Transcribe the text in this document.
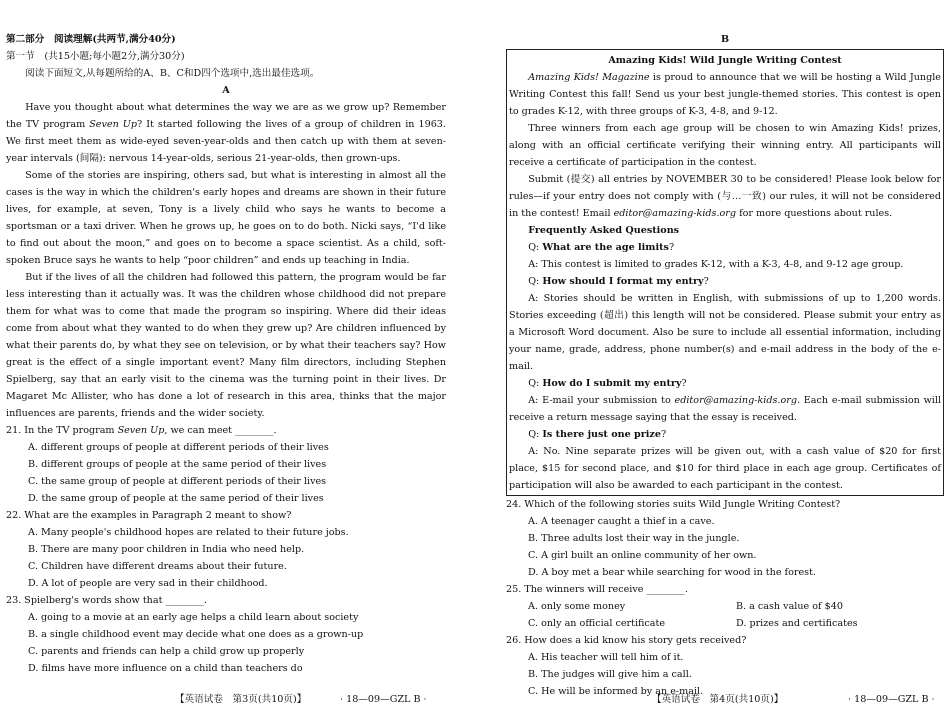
第二部分　阅读理解(共两节,满分40分)

第一节　(共15小题;每小题2分,满分30分)

阅读下面短文,从每题所给的A、B、C和D四个选项中,选出最佳选项。

A

Have you thought about what determines the way we are as we grow up? Remember the TV program Seven Up? It started following the lives of a group of children in 1963. We first meet them as wide-eyed seven-year-olds and then catch up with them at seven-year intervals (间隔): nervous 14-year-olds, serious 21-year-olds, then grown-ups.

Some of the stories are inspiring, others sad, but what is interesting in almost all the cases is the way in which the children's early hopes and dreams are shown in their future lives, for example, at seven, Tony is a lively child who says he wants to become a sportsman or a taxi driver. When he grows up, he goes on to do both. Nicki says, “I'd like to find out about the moon,” and goes on to become a space scientist. As a child, soft-spoken Bruce says he wants to help “poor children” and ends up teaching in India.

But if the lives of all the children had followed this pattern, the program would be far less interesting than it actually was. It was the children whose childhood did not prepare them for what was to come that made the program so inspiring. Where did their ideas come from about what they wanted to do when they grew up? Are children influenced by what their parents do, by what they see on television, or by what their teachers say? How great is the effect of a single important event? Many film directors, including Stephen Spielberg, say that an early visit to the cinema was the turning point in their lives. Dr Magaret Mc Allister, who has done a lot of research in this area, thinks that the major influences are parents, friends and the wider society.

21. In the TV program Seven Up, we can meet ________.

A. different groups of people at different periods of their lives

B. different groups of people at the same period of their lives

C. the same group of people at different periods of their lives

D. the same group of people at the same period of their lives

22. What are the examples in Paragraph 2 meant to show?

A. Many people's childhood hopes are related to their future jobs.

B. There are many poor children in India who need help.

C. Children have different dreams about their future.

D. A lot of people are very sad in their childhood.

23. Spielberg's words show that ________.

A. going to a movie at an early age helps a child learn about society

B. a single childhood event may decide what one does as a grown-up

C. parents and friends can help a child grow up properly

D. films have more influence on a child than teachers do

B

Amazing Kids! Wild Jungle Writing Contest

Amazing Kids! Magazine is proud to announce that we will be hosting a Wild Jungle Writing Contest this fall! Send us your best jungle-themed stories. This contest is open to grades K-12, with three groups of K-3, 4-8, and 9-12.

Three winners from each age group will be chosen to win Amazing Kids! prizes, along with an official certificate verifying their winning entry. All participants will receive a certificate of participation in the contest.

Submit (提交) all entries by NOVEMBER 30 to be considered! Please look below for rules—if your entry does not comply with (与…一致) our rules, it will not be considered in the contest! Email editor@amazing-kids.org for more questions about rules.

Frequently Asked Questions

Q: What are the age limits?

A: This contest is limited to grades K-12, with a K-3, 4-8, and 9-12 age group.

Q: How should I format my entry?

A: Stories should be written in English, with submissions of up to 1,200 words. Stories exceeding (超出) this length will not be considered. Please submit your entry as a Microsoft Word document. Also be sure to include all essential information, including your name, grade, address, phone number(s) and e-mail address in the body of the e-mail.

Q: How do I submit my entry?

A: E-mail your submission to editor@amazing-kids.org. Each e-mail submission will receive a return message saying that the essay is received.

Q: Is there just one prize?

A: No. Nine separate prizes will be given out, with a cash value of $20 for first place, $15 for second place, and $10 for third place in each age group. Certificates of participation will also be awarded to each participant in the contest.

24. Which of the following stories suits Wild Jungle Writing Contest?

A. A teenager caught a thief in a cave.

B. Three adults lost their way in the jungle.

C. A girl built an online community of her own.

D. A boy met a bear while searching for wood in the forest.

25. The winners will receive ________.

A. only some money	B. a cash value of $40
C. only an official certificate	D. prizes and certificates

26. How does a kid know his story gets received?

A. His teacher will tell him of it.

B. The judges will give him a call.

C. He will be informed by an e-mail.

【英语试卷　第3页(共10页)】	· 18—09—GZL B ·	【英语试卷　第4页(共10页)】	· 18—09—GZL B ·
